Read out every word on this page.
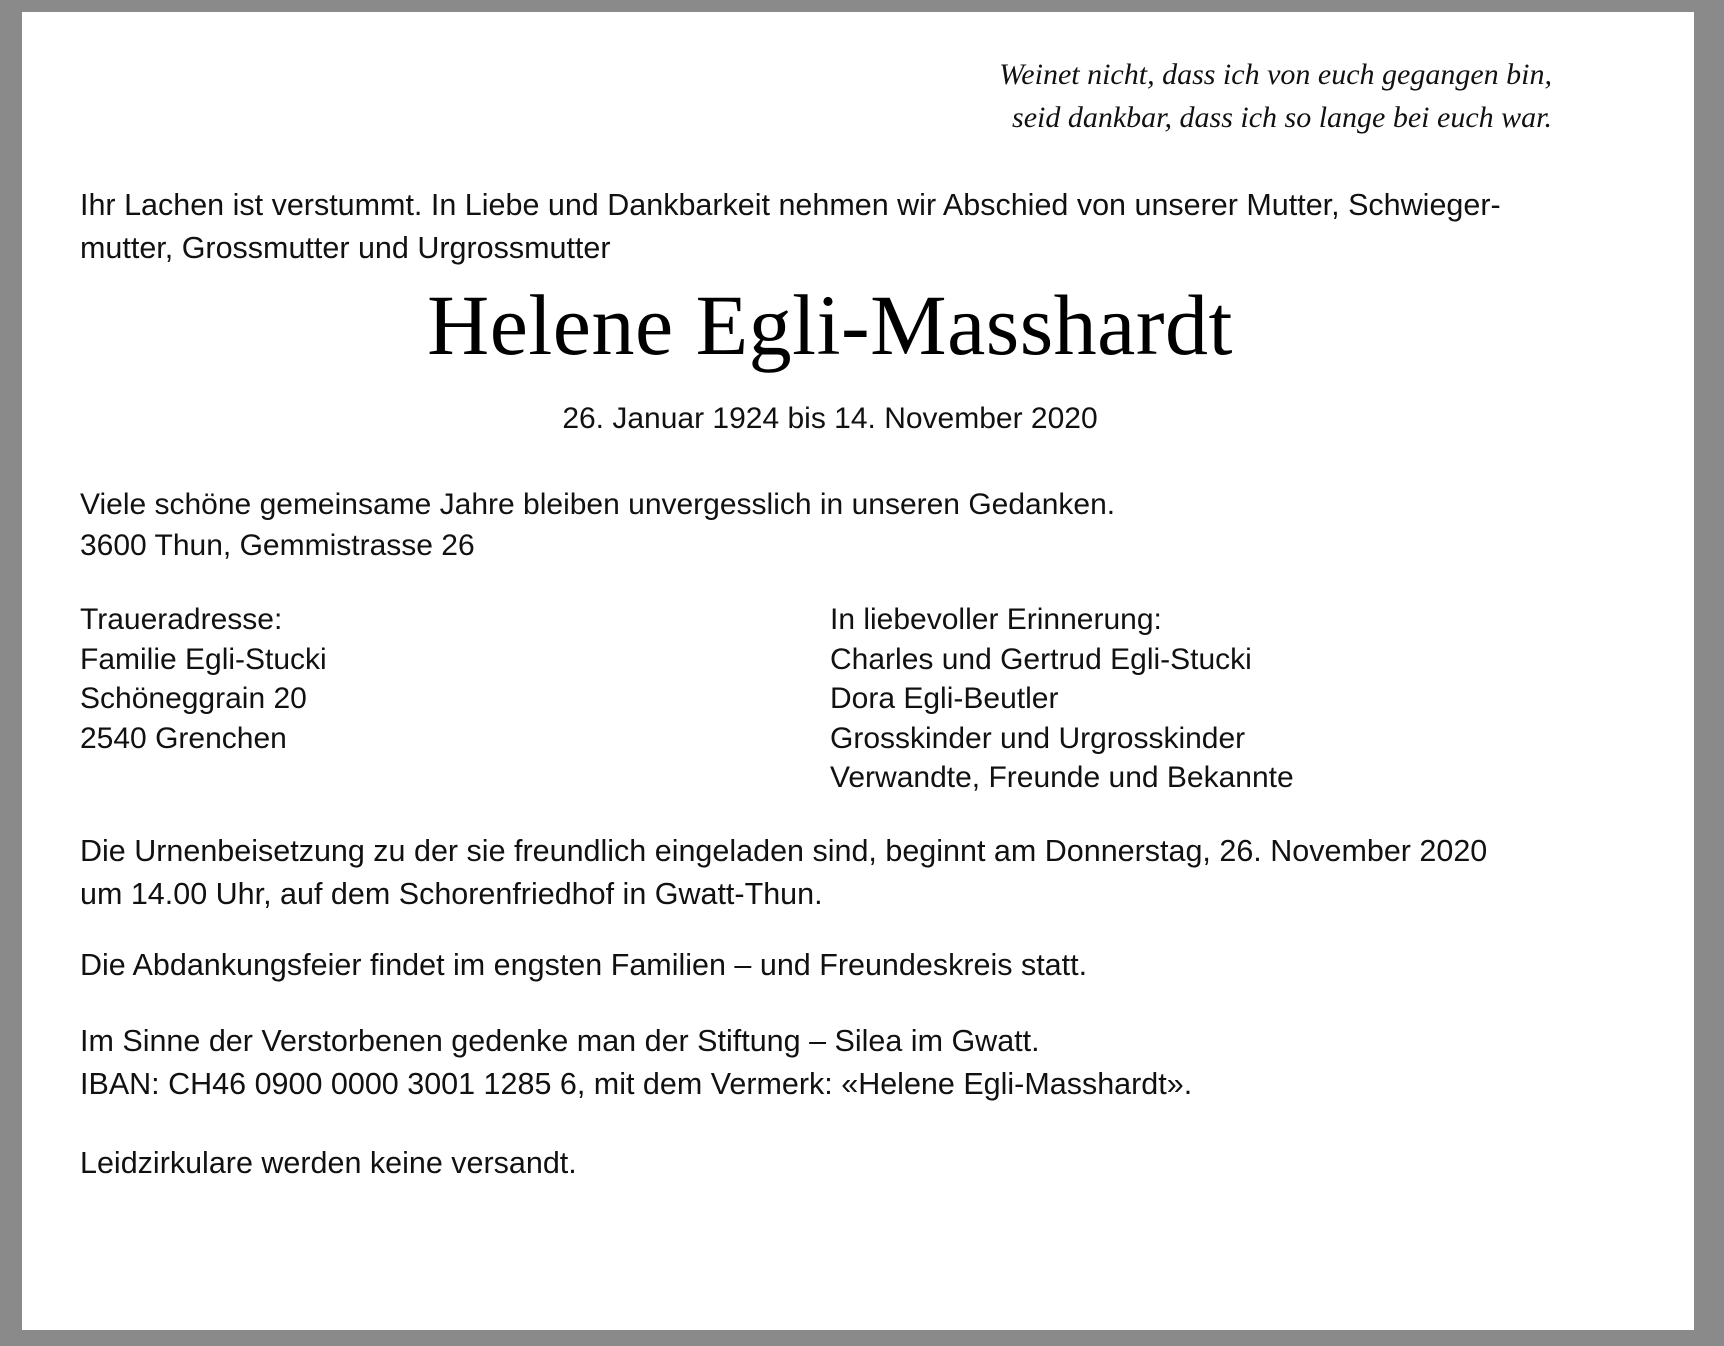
Weinet nicht, dass ich von euch gegangen bin,
seid dankbar, dass ich so lange bei euch war.
Ihr Lachen ist verstummt. In Liebe und Dankbarkeit nehmen wir Abschied von unserer Mutter, Schwieger-
mutter, Grossmutter und Urgrossmutter
Helene Egli-Masshardt
26. Januar 1924 bis 14. November 2020
Viele schöne gemeinsame Jahre bleiben unvergesslich in unseren Gedanken.
3600 Thun, Gemmistrasse 26
Traueradresse:
Familie Egli-Stucki
Schöneggrain 20
2540 Grenchen
In liebevoller Erinnerung:
Charles und Gertrud Egli-Stucki
Dora Egli-Beutler
Grosskinder und Urgrosskinder
Verwandte, Freunde und Bekannte
Die Urnenbeisetzung zu der sie freundlich eingeladen sind, beginnt am Donnerstag, 26. November 2020
um 14.00 Uhr, auf dem Schorenfriedhof in Gwatt-Thun.
Die Abdankungsfeier findet im engsten Familien – und Freundeskreis statt.
Im Sinne der Verstorbenen gedenke man der Stiftung – Silea im Gwatt.
IBAN: CH46 0900 0000 3001 1285 6, mit dem Vermerk: «Helene Egli-Masshardt».
Leidzirkulare werden keine versandt.
